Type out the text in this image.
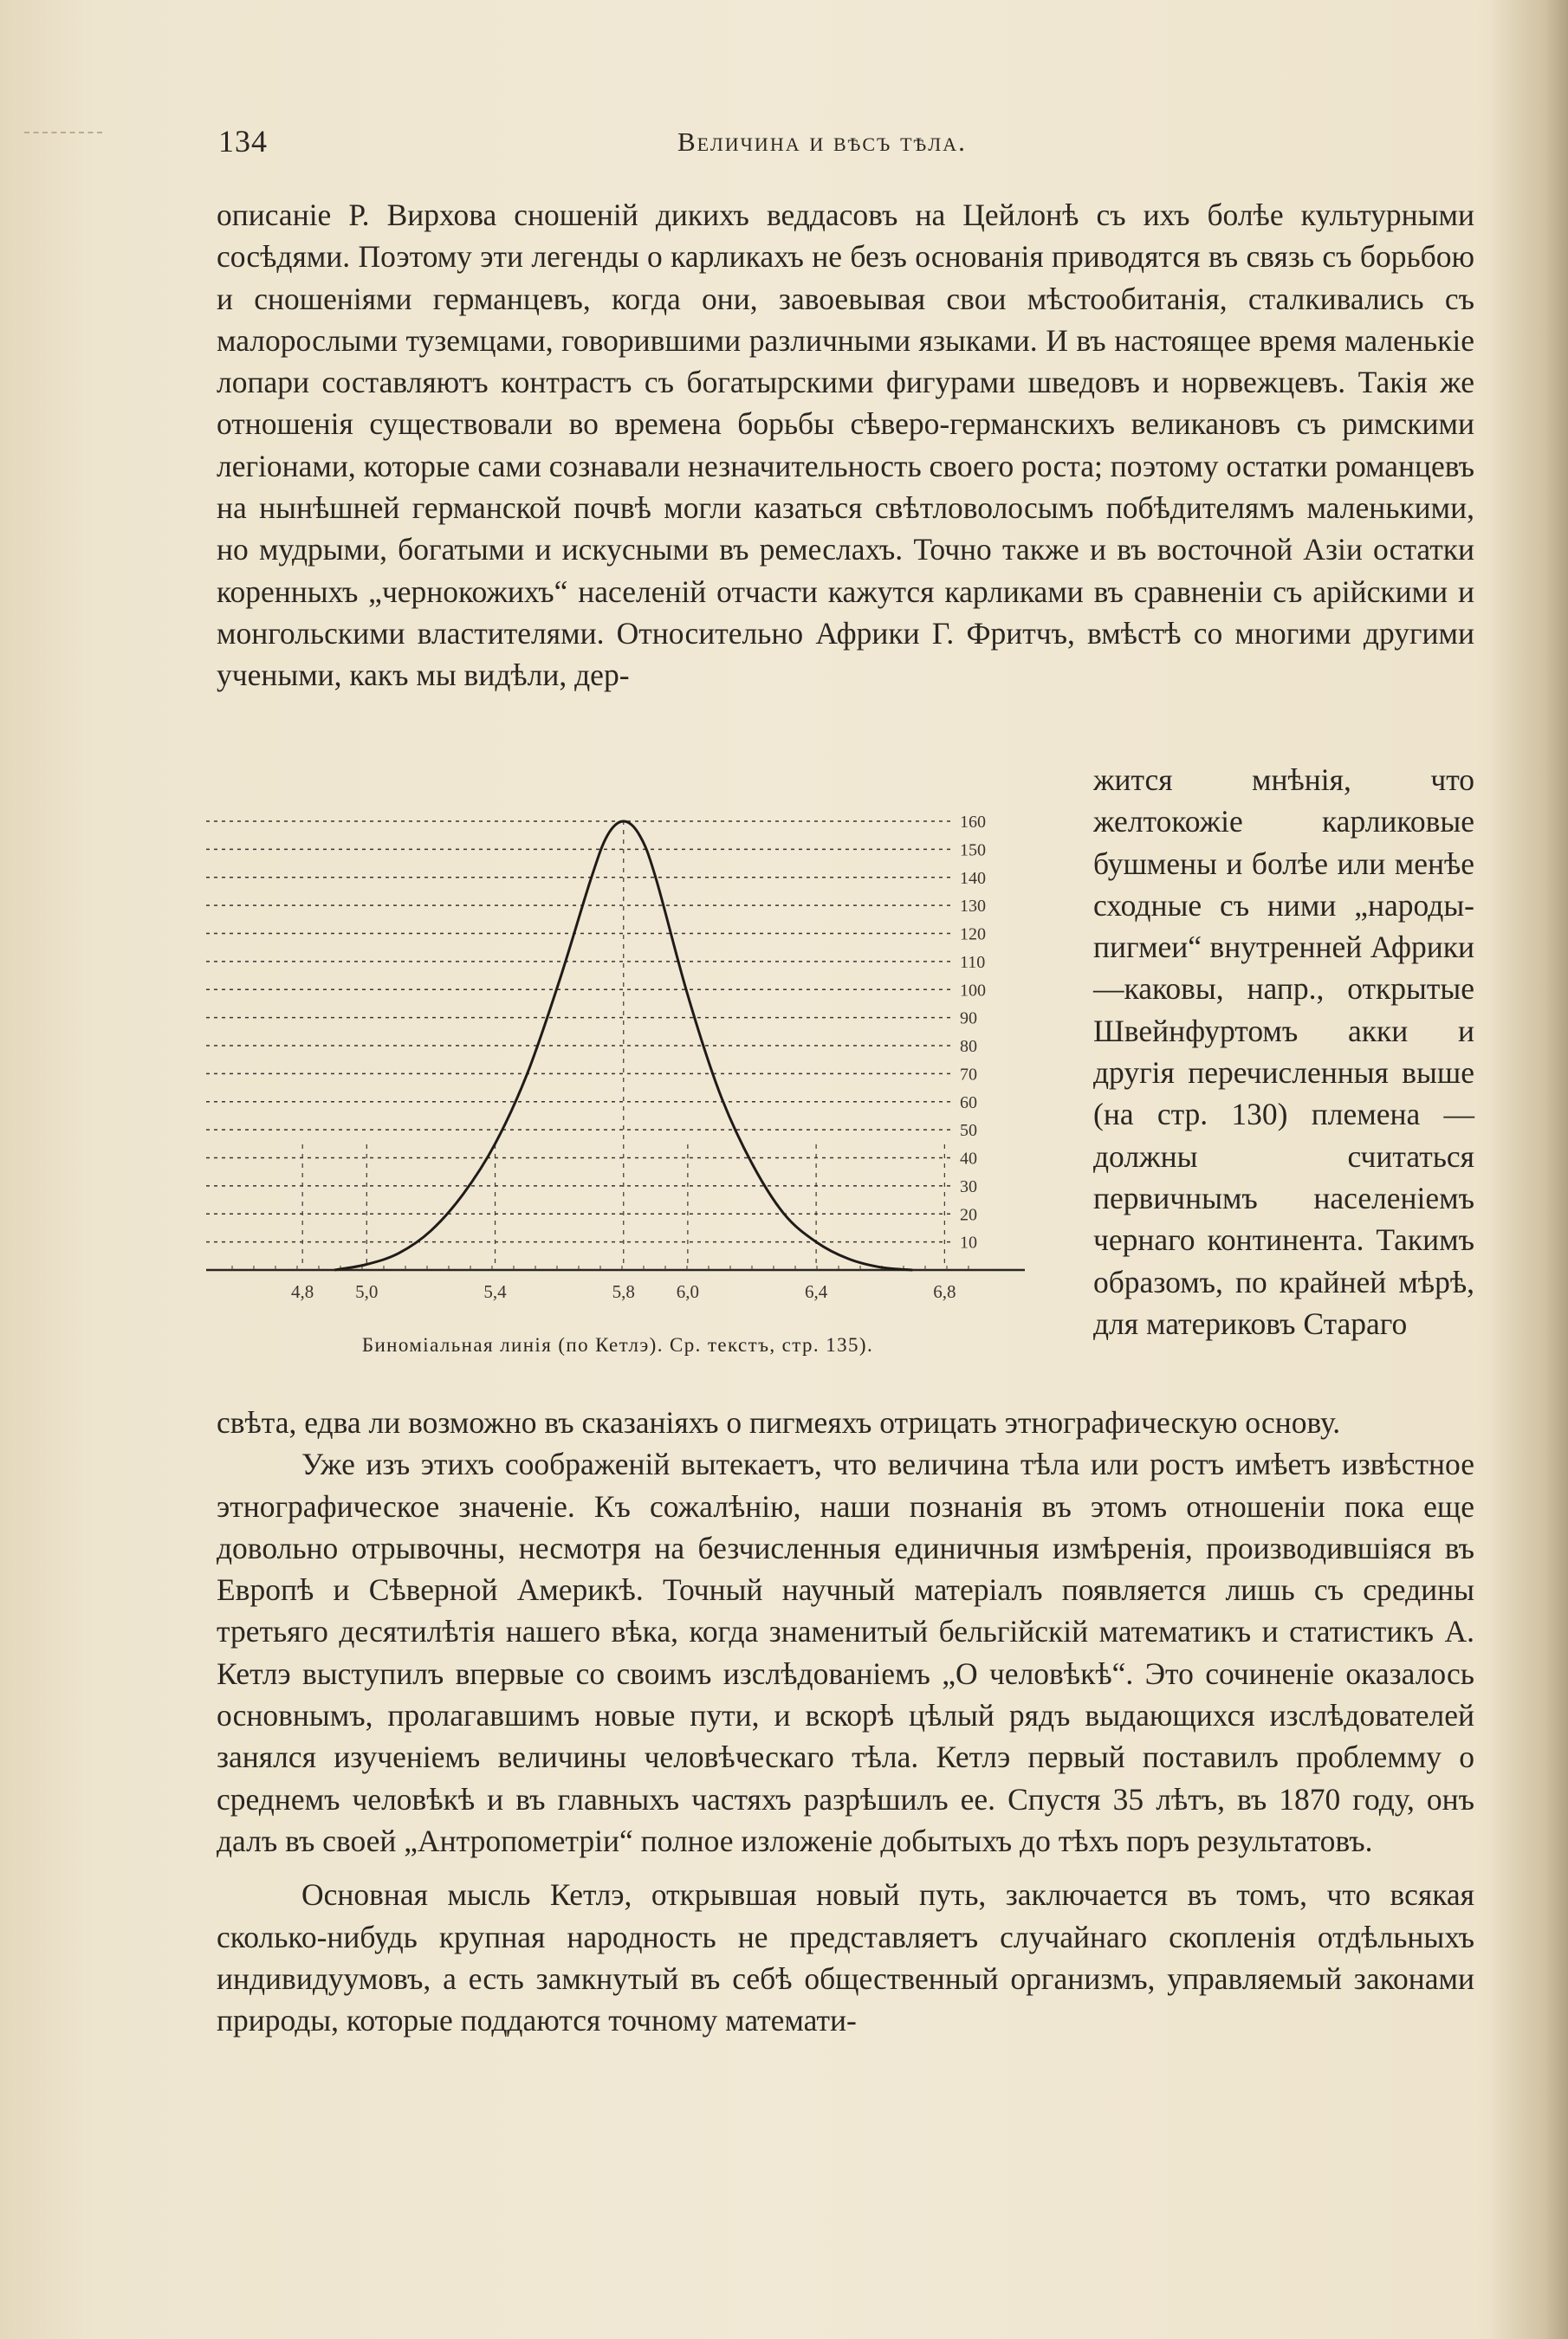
134	Величина и вѣсъ тѣла.

описаніе Р. Вирхова сношеній дикихъ веддасовъ на Цейлонѣ съ ихъ болѣе культурными сосѣдями. Поэтому эти легенды о карликахъ не безъ основанія приводятся въ связь съ борьбою и сношеніями германцевъ, когда они, завоевывая свои мѣстообитанія, сталкивались съ малорослыми туземцами, говорившими различными языками. И въ настоящее время маленькіе лопари составляютъ контрастъ съ богатырскими фигурами шведовъ и норвежцевъ. Такія же отношенія существовали во времена борьбы сѣверо-германскихъ великановъ съ римскими легіонами, которые сами сознавали незначительность своего роста; поэтому остатки романцевъ на нынѣшней германской почвѣ могли казаться свѣтловолосымъ побѣдителямъ маленькими, но мудрыми, богатыми и искусными въ ремеслахъ. Точно также и въ восточной Азіи остатки коренныхъ „чернокожихъ“ населеній отчасти кажутся карликами въ сравненіи съ арійскими и монгольскими властителями. Относительно Африки Г. Фритчъ, вмѣстѣ со многими другими учеными, какъ мы видѣли, дер-

10
20
30
40
50
60
70
80
90
100
110
120
130
140
150
160
4,8 5,0	5,4	5,8 6,0	6,4	6,8
Биноміальная линія (по Кетлэ). Ср. текстъ, стр. 135).

жится мнѣнія, что желтокожіе карликовые бушмены и болѣе или менѣе сходные съ ними „народы-пигмеи“ внутренней Африки—каковы, напр., открытые Швейнфуртомъ акки и другія перечисленныя выше (на стр. 130) племена — должны считаться первичнымъ населеніемъ чернаго континента. Такимъ образомъ, по крайней мѣрѣ, для материковъ Стараго

свѣта, едва ли возможно въ сказаніяхъ о пигмеяхъ отрицать этнографическую основу.
Уже изъ этихъ соображеній вытекаетъ, что величина тѣла или ростъ имѣетъ извѣстное этнографическое значеніе. Къ сожалѣнію, наши познанія въ этомъ отношеніи пока еще довольно отрывочны, несмотря на безчисленныя единичныя измѣренія, производившіяся въ Европѣ и Сѣверной Америкѣ. Точный научный матеріалъ появляется лишь съ средины третьяго десятилѣтія нашего вѣка, когда знаменитый бельгійскій математикъ и статистикъ А. Кетлэ выступилъ впервые со своимъ изслѣдованіемъ „О человѣкѣ“. Это сочиненіе оказалось основнымъ, пролагавшимъ новые пути, и вскорѣ цѣлый рядъ выдающихся изслѣдователей занялся изученіемъ величины человѣческаго тѣла. Кетлэ первый поставилъ проблемму о среднемъ человѣкѣ и въ главныхъ частяхъ разрѣшилъ ее. Спустя 35 лѣтъ, въ 1870 году, онъ далъ въ своей „Антропометріи“ полное изложеніе добытыхъ до тѣхъ поръ результатовъ.
Основная мысль Кетлэ, открывшая новый путь, заключается въ томъ, что всякая сколько-нибудь крупная народность не представляетъ случайнаго скопленія отдѣльныхъ индивидуумовъ, а есть замкнутый въ себѣ общественный организмъ, управляемый законами природы, которые поддаются точному математи-
